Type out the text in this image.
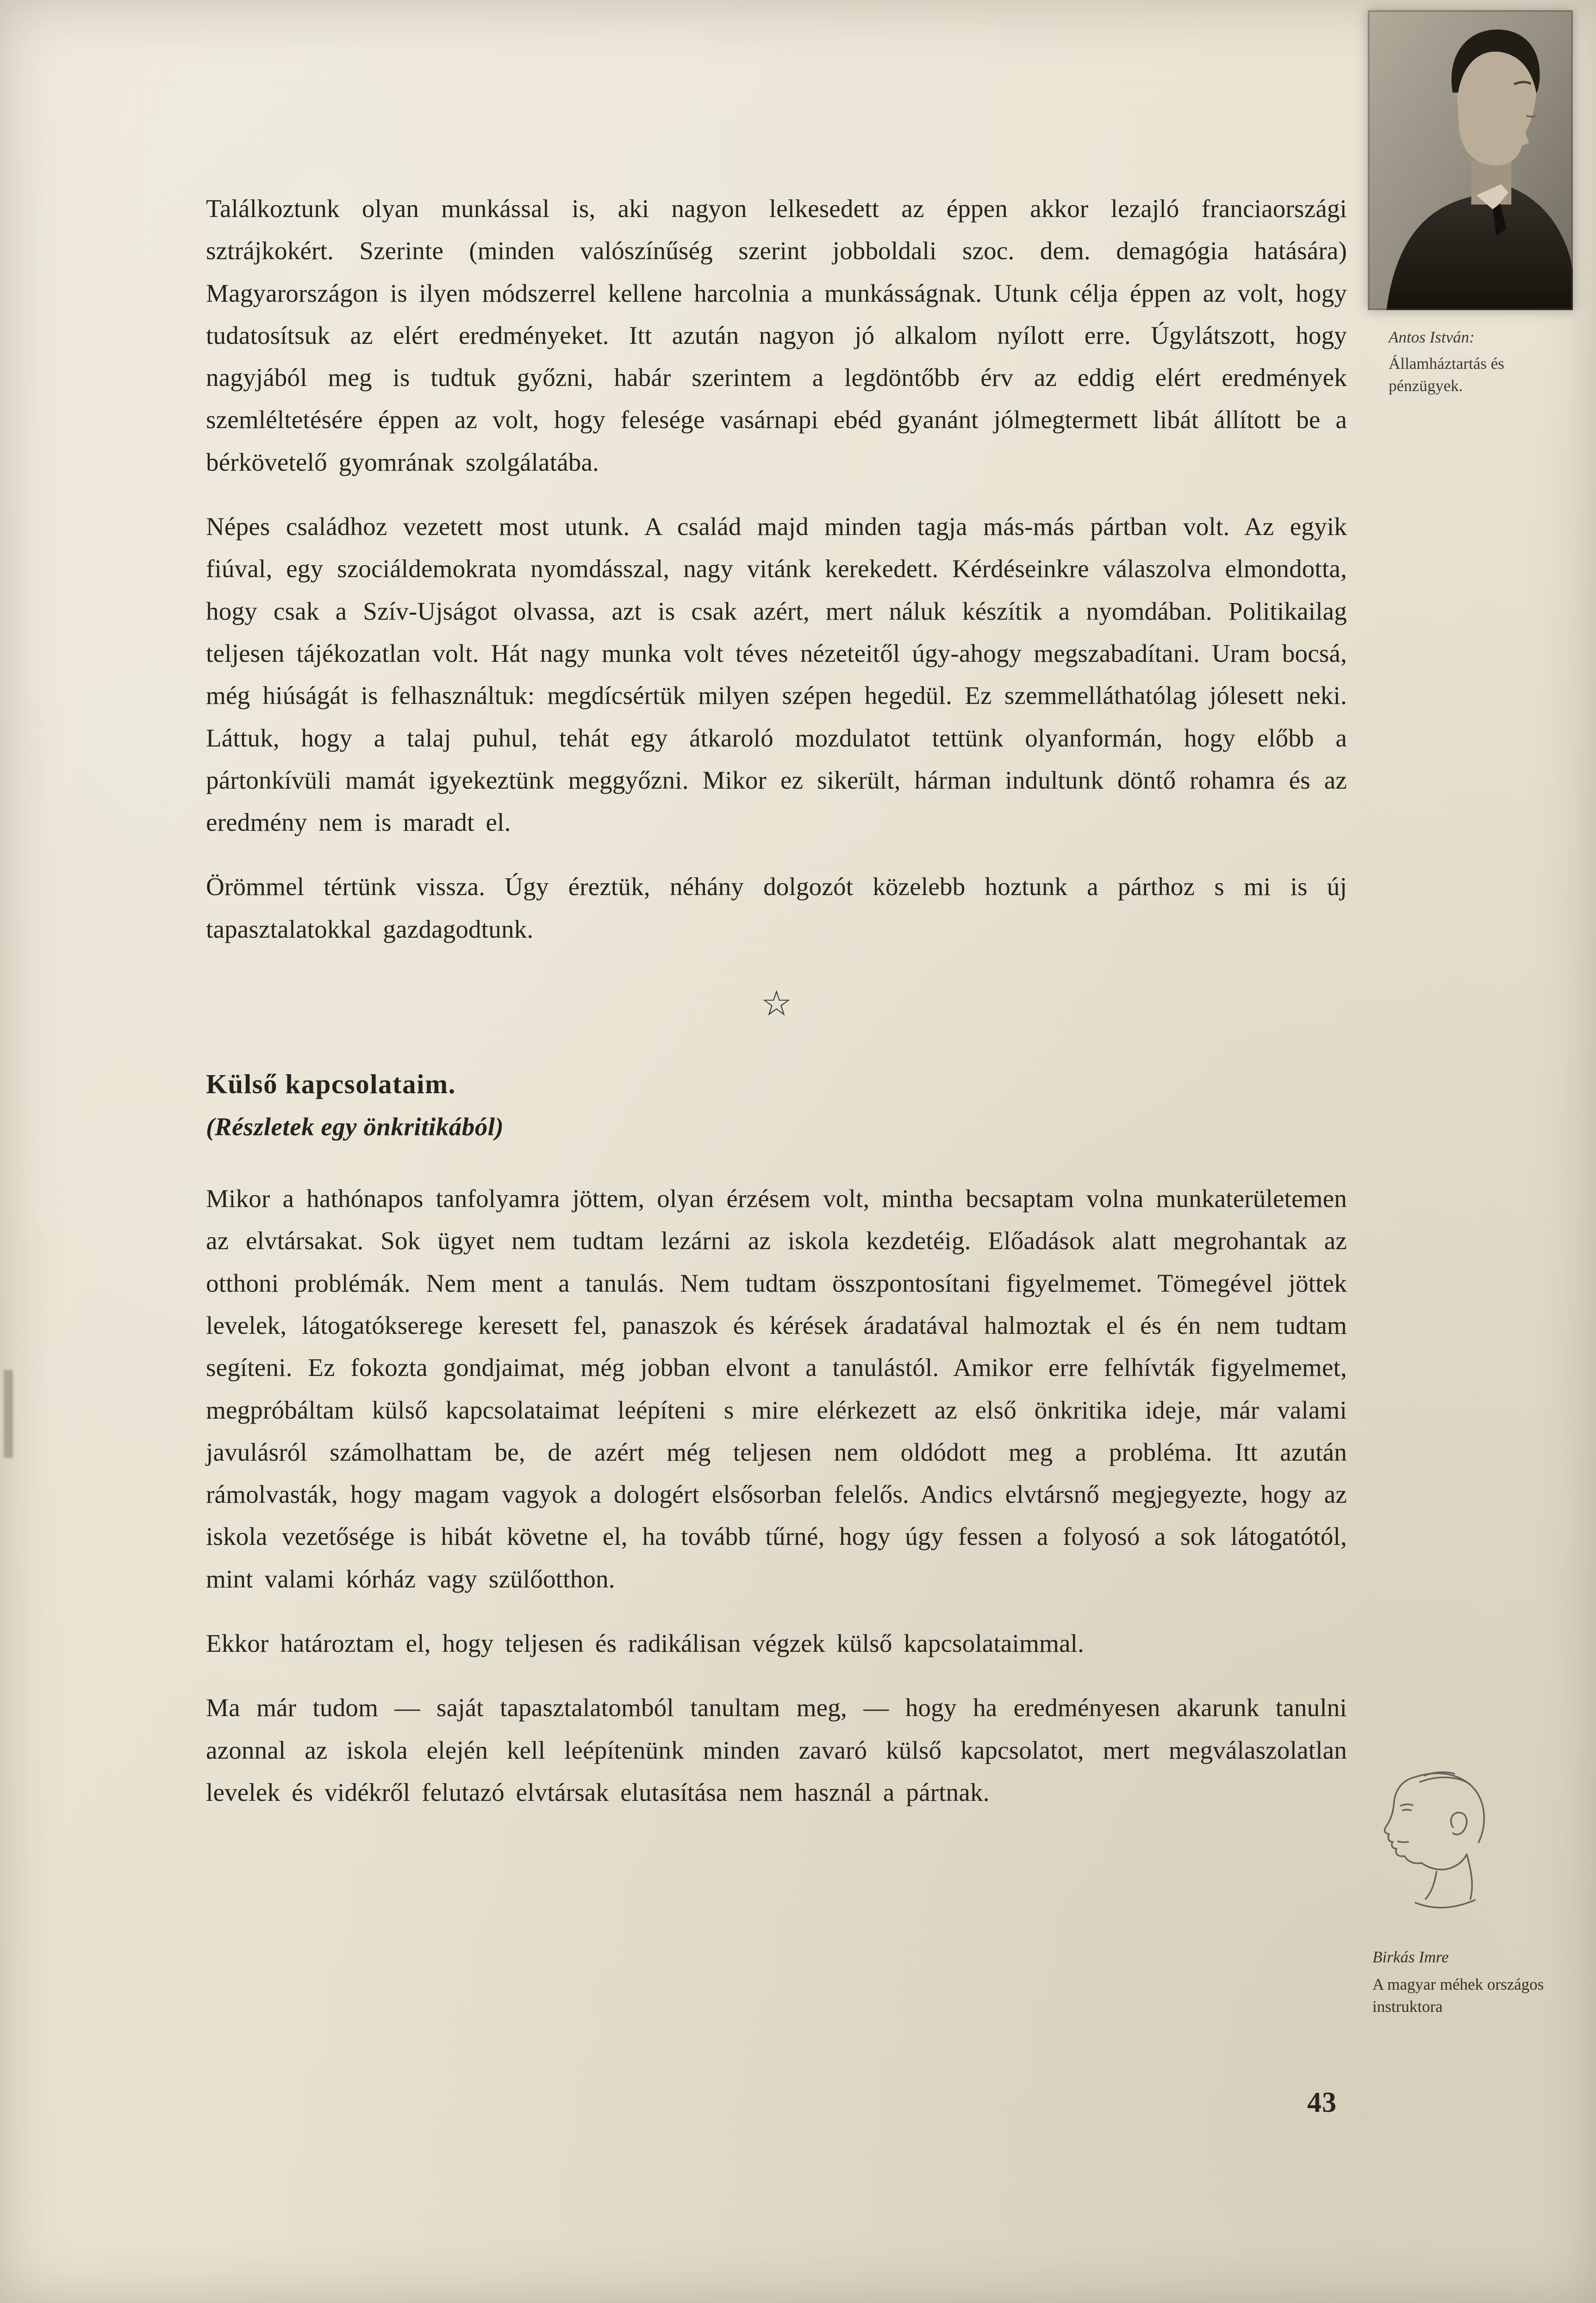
Antos István:
Államháztartás és pénzügyek.

Találkoztunk olyan munkással is, aki nagyon lelkesedett az éppen akkor lezajló franciaországi sztrájkokért. Szerinte (minden valószínűség szerint jobboldali szoc. dem. demagógia hatására) Magyarországon is ilyen módszerrel kellene harcolnia a munkásságnak. Utunk célja éppen az volt, hogy tudatosítsuk az elért eredményeket. Itt azután nagyon jó alkalom nyílott erre. Úgylátszott, hogy nagyjából meg is tudtuk győzni, habár szerintem a legdöntőbb érv az eddig elért eredmények szemléltetésére éppen az volt, hogy felesége vasárnapi ebéd gyanánt jólmegtermett libát állított be a bérkövetelő gyomrának szolgálatába.

Népes családhoz vezetett most utunk. A család majd minden tagja más-más pártban volt. Az egyik fiúval, egy szociáldemokrata nyomdásszal, nagy vitánk kerekedett. Kérdéseinkre válaszolva elmondotta, hogy csak a Szív-Ujságot olvassa, azt is csak azért, mert náluk készítik a nyomdában. Politikailag teljesen tájékozatlan volt. Hát nagy munka volt téves nézeteitől úgy-ahogy megszabadítani. Uram bocsá, még hiúságát is felhasználtuk: megdícsértük milyen szépen hegedül. Ez szemmelláthatólag jólesett neki. Láttuk, hogy a talaj puhul, tehát egy átkaroló mozdulatot tettünk olyanformán, hogy előbb a pártonkívüli mamát igyekeztünk meggyőzni. Mikor ez sikerült, hárman indultunk döntő rohamra és az eredmény nem is maradt el.

Örömmel tértünk vissza. Úgy éreztük, néhány dolgozót közelebb hoztunk a párthoz s mi is új tapasztalatokkal gazdagodtunk.

☆
Külső kapcsolataim.
(Részletek egy önkritikából)

Mikor a hathónapos tanfolyamra jöttem, olyan érzésem volt, mintha becsaptam volna munkaterületemen az elvtársakat. Sok ügyet nem tudtam lezárni az iskola kezdetéig. Előadások alatt megrohantak az otthoni problémák. Nem ment a tanulás. Nem tudtam összpontosítani figyelmemet. Tömegével jöttek levelek, látogatókserege keresett fel, panaszok és kérések áradatával halmoztak el és én nem tudtam segíteni. Ez fokozta gondjaimat, még jobban elvont a tanulástól. Amikor erre felhívták figyelmemet, megpróbáltam külső kapcsolataimat leépíteni s mire elérkezett az első önkritika ideje, már valami javulásról számolhattam be, de azért még teljesen nem oldódott meg a probléma. Itt azután rámolvasták, hogy magam vagyok a dologért elsősorban felelős. Andics elvtársnő megjegyezte, hogy az iskola vezetősége is hibát követne el, ha tovább tűrné, hogy úgy fessen a folyosó a sok látogatótól, mint valami kórház vagy szülőotthon.

Ekkor határoztam el, hogy teljesen és radikálisan végzek külső kapcsolataimmal.

Ma már tudom — saját tapasztalatomból tanultam meg, — hogy ha eredményesen akarunk tanulni azonnal az iskola elején kell leépítenünk minden zavaró külső kapcsolatot, mert megválaszolatlan levelek és vidékről felutazó elvtársak elutasítása nem használ a pártnak.

Birkás Imre
A magyar méhek országos instruktora
43
